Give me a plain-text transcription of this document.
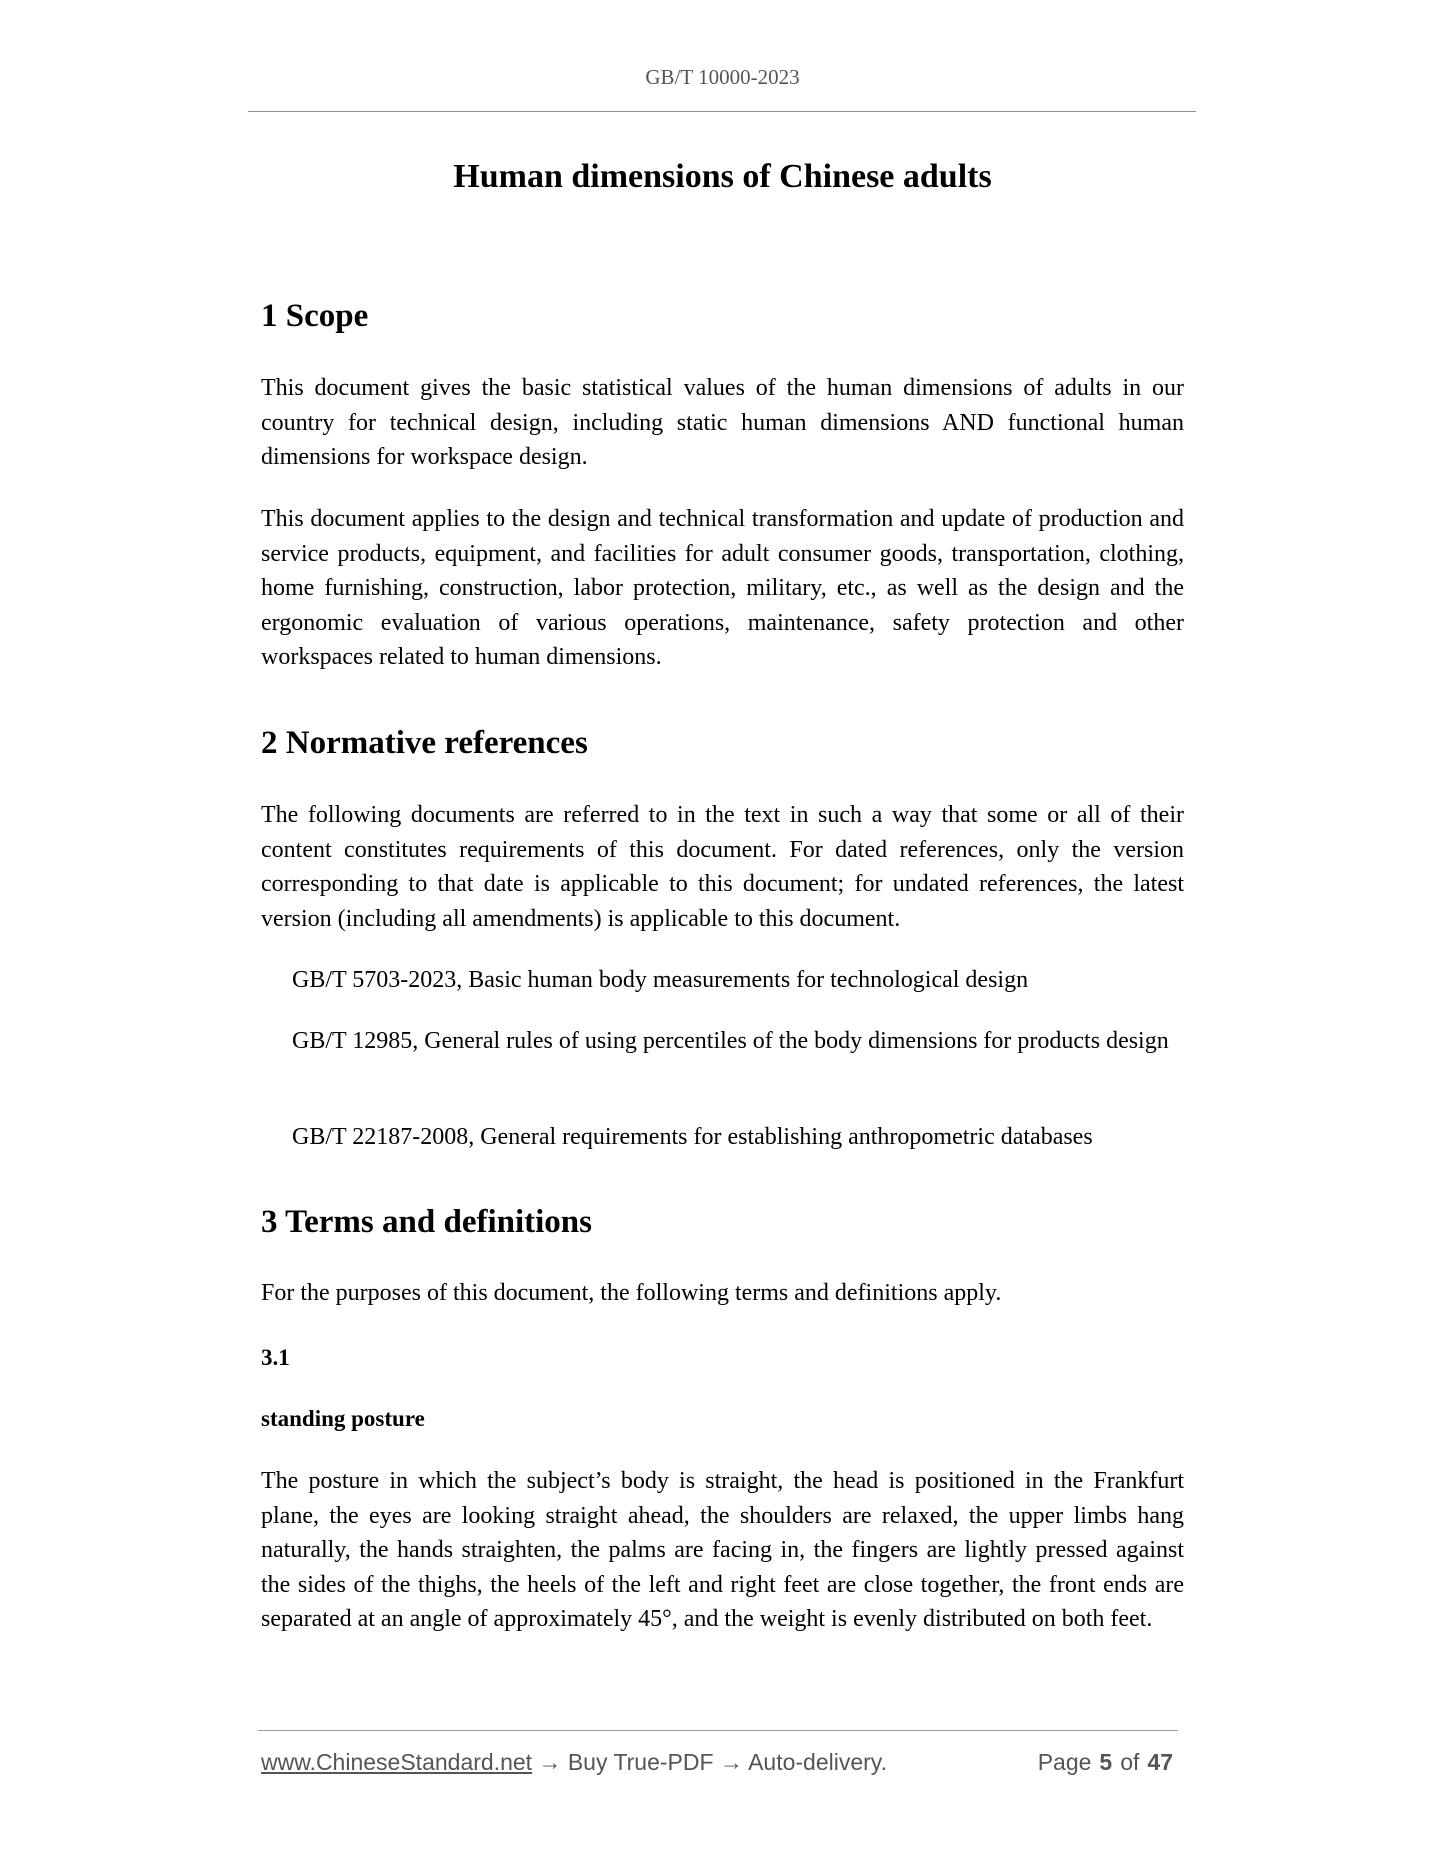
GB/T 10000-2023
Human dimensions of Chinese adults
1 Scope
This document gives the basic statistical values of the human dimensions of adults in our country for technical design, including static human dimensions AND functional human dimensions for workspace design.
This document applies to the design and technical transformation and update of production and service products, equipment, and facilities for adult consumer goods, transportation, clothing, home furnishing, construction, labor protection, military, etc., as well as the design and the ergonomic evaluation of various operations, maintenance, safety protection and other workspaces related to human dimensions.
2 Normative references
The following documents are referred to in the text in such a way that some or all of their content constitutes requirements of this document. For dated references, only the version corresponding to that date is applicable to this document; for undated references, the latest version (including all amendments) is applicable to this document.
GB/T 5703-2023, Basic human body measurements for technological design
GB/T 12985, General rules of using percentiles of the body dimensions for products design
GB/T 22187-2008, General requirements for establishing anthropometric databases
3 Terms and definitions
For the purposes of this document, the following terms and definitions apply.
3.1
standing posture
The posture in which the subject’s body is straight, the head is positioned in the Frankfurt plane, the eyes are looking straight ahead, the shoulders are relaxed, the upper limbs hang naturally, the hands straighten, the palms are facing in, the fingers are lightly pressed against the sides of the thighs, the heels of the left and right feet are close together, the front ends are separated at an angle of approximately 45°, and the weight is evenly distributed on both feet.
www.ChineseStandard.net → Buy True-PDF → Auto-delivery.	Page 5 of 47
